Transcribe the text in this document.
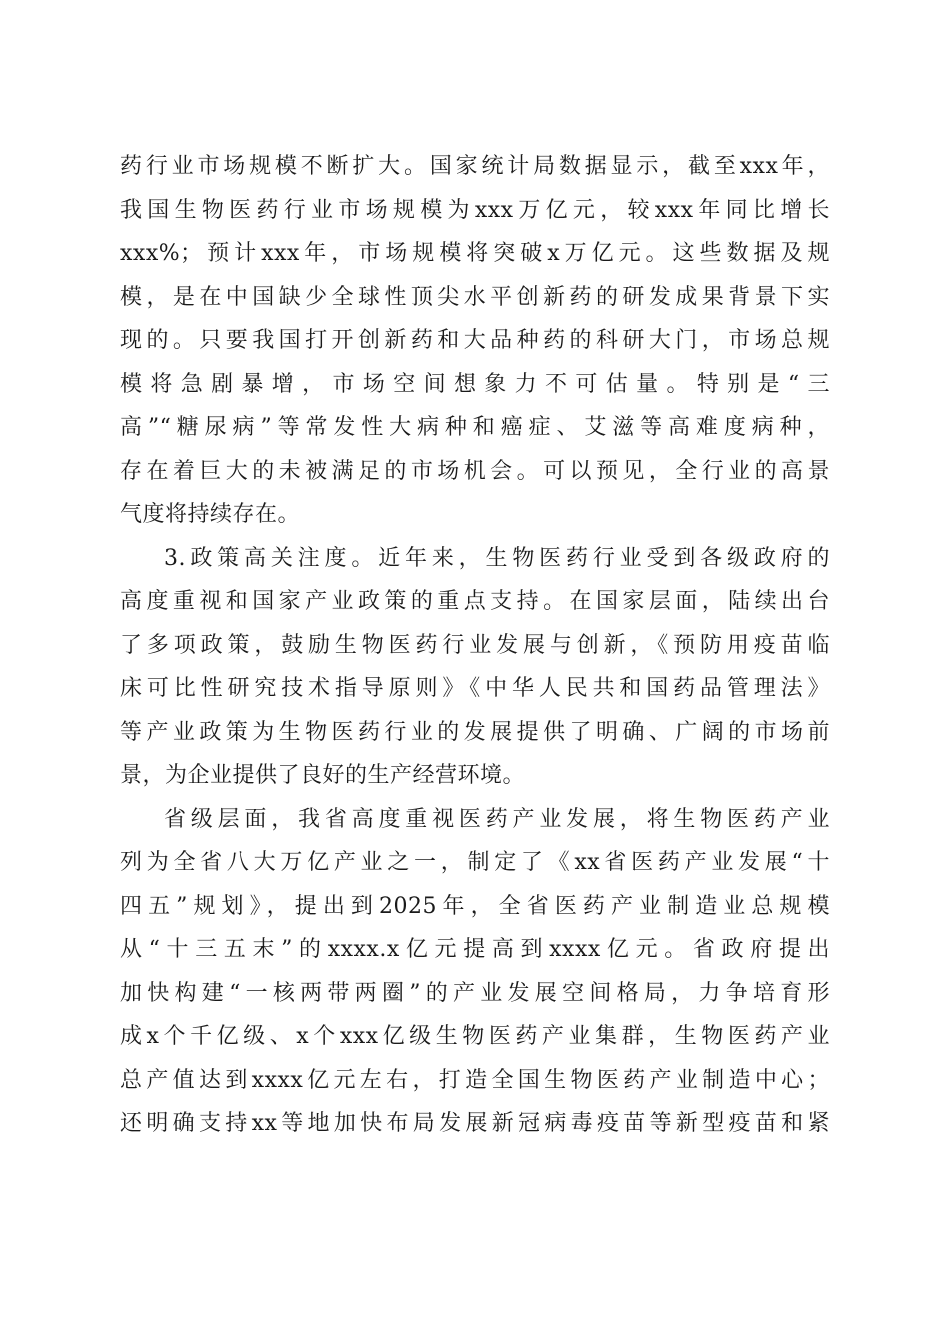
药行业市场规模不断扩大。国家统计局数据显示，截至xxx年，
我国生物医药行业市场规模为xxx万亿元，较xxx年同比增长
xxx%；预计xxx年，市场规模将突破x万亿元。这些数据及规
模，是在中国缺少全球性顶尖水平创新药的研发成果背景下实
现的。只要我国打开创新药和大品种药的科研大门，市场总规
模将急剧暴增，市场空间想象力不可估量。特别是“三
高”“糖尿病”等常发性大病种和癌症、艾滋等高难度病种，
存在着巨大的未被满足的市场机会。可以预见，全行业的高景
气度将持续存在。
3.政策高关注度。近年来，生物医药行业受到各级政府的
高度重视和国家产业政策的重点支持。在国家层面，陆续出台
了多项政策，鼓励生物医药行业发展与创新，《预防用疫苗临
床可比性研究技术指导原则》《中华人民共和国药品管理法》
等产业政策为生物医药行业的发展提供了明确、广阔的市场前
景，为企业提供了良好的生产经营环境。
省级层面，我省高度重视医药产业发展，将生物医药产业
列为全省八大万亿产业之一，制定了《xx省医药产业发展“十
四五”规划》，提出到2025年，全省医药产业制造业总规模
从“十三五末”的xxxx.x亿元提高到xxxx亿元。省政府提出
加快构建“一核两带两圈”的产业发展空间格局，力争培育形
成x个千亿级、x个xxx亿级生物医药产业集群，生物医药产业
总产值达到xxxx亿元左右，打造全国生物医药产业制造中心；
还明确支持xx等地加快布局发展新冠病毒疫苗等新型疫苗和紧
